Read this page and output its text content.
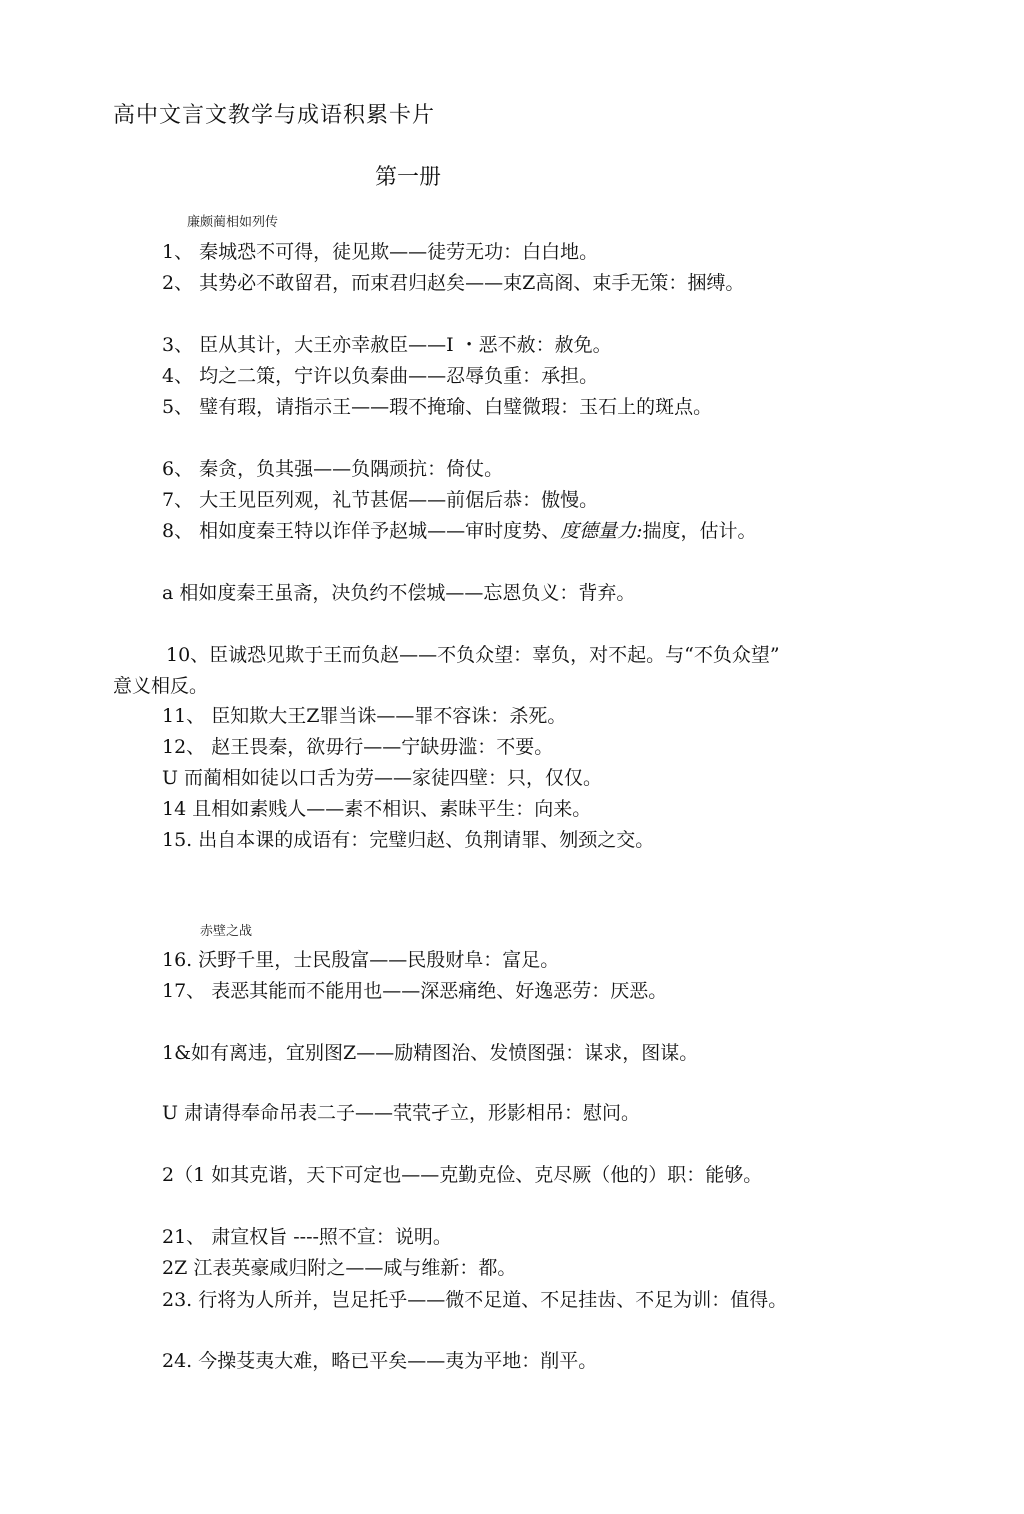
高中文言文教学与成语积累卡片
第一册
廉颇蔺相如列传
1、 秦城恐不可得，徒见欺——徒劳无功：白白地。
2、 其势必不敢留君，而束君归赵矣——束Z高阁、束手无策：捆缚。
3、 臣从其计，大王亦幸赦臣——I ・恶不赦：赦免。
4、 均之二策，宁许以负秦曲——忍辱负重：承担。
5、 璧有瑕，请指示王——瑕不掩瑜、白璧微瑕：玉石上的斑点。
6、 秦贪，负其强——负隅顽抗：倚仗。
7、 大王见臣列观，礼节甚倨——前倨后恭：傲慢。
8、 相如度秦王特以诈佯予赵城——审时度势、度德量力:揣度，估计。
a 相如度秦王虽斋，决负约不偿城——忘恩负义：背弃。
10、臣诚恐见欺于王而负赵——不负众望：辜负，对不起。与“不负众望”
意义相反。
11、 臣知欺大王Z罪当诛——罪不容诛：杀死。
12、 赵王畏秦，欲毋行——宁缺毋滥：不要。
U 而蔺相如徒以口舌为劳——家徒四壁：只，仅仅。
14 且相如素贱人——素不相识、素昧平生：向来。
15. 出自本课的成语有：完璧归赵、负荆请罪、刎颈之交。
赤壁之战
16. 沃野千里，士民殷富——民殷财阜：富足。
17、 表恶其能而不能用也——深恶痛绝、好逸恶劳：厌恶。
1&如有离违，宜别图Z——励精图治、发愤图强：谋求，图谋。
U 肃请得奉命吊表二子——茕茕孑立，形影相吊：慰问。
2（1 如其克谐，天下可定也——克勤克俭、克尽厥（他的）职：能够。
21、 肃宣权旨 ----照不宣：说明。
2Z 江表英豪咸归附之——咸与维新：都。
23. 行将为人所并，岂足托乎——微不足道、不足挂齿、不足为训：值得。
24. 今操芟夷大难，略已平矣——夷为平地：削平。
